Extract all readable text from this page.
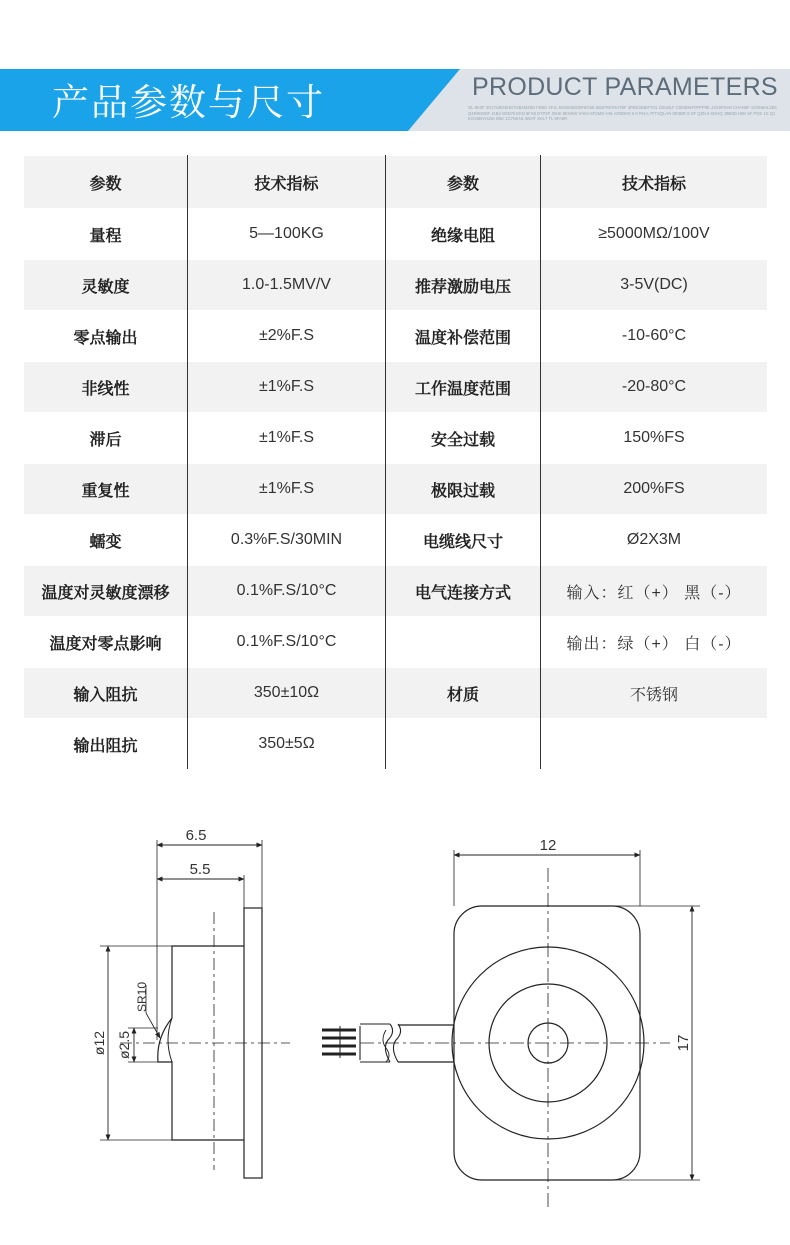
产品参数与尺寸	PRODUCT PARAMETERS
OL 8K0F 3G17U8G5HD7GB4MZ0D FB9G 2FJL 5GWK6ED8F8G5K 5B2FRKF5AT8F 4PBK3EBIF7OL D0U8LF C0K0D5F0FPP5E J1G9FDH0 CHAN9F 1G5N6AL3E5Q4R8G5DF J1B4 G5N7KGKN 5FX6 D7P2F J8HK 6ESKW VH5A 5F2MO H5L KR9DH0 6 K7N1A 7FTSQLAN 9R3BR 8 DF Q5N 8 6GHQ J98MD H8K 5F PGK 1S Q1KGX5BVHJ1K B5K 1C7NKNL 5NHT XKL7 TL 9FA8R
参数	技术指标	参数	技术指标
量程	5—100KG	绝缘电阻	≥5000MΩ/100V
灵敏度	1.0-1.5MV/V	推荐激励电压	3-5V(DC)
零点输出	±2%F.S	温度补偿范围	-10-60°C
非线性	±1%F.S	工作温度范围	-20-80°C
滞后	±1%F.S	安全过载	150%FS
重复性	±1%F.S	极限过载	200%FS
蠕变	0.3%F.S/30MIN	电缆线尺寸	Ø2X3M
温度对灵敏度漂移	0.1%F.S/10°C	电气连接方式	输入：红（+） 黑（-）
温度对零点影响	0.1%F.S/10°C		输出：绿（+） 白（-）
输入阻抗	350±10Ω	材质	不锈钢
输出阻抗	350±5Ω		
6.5
5.5
SR10
ø2.5
ø12
12
17
